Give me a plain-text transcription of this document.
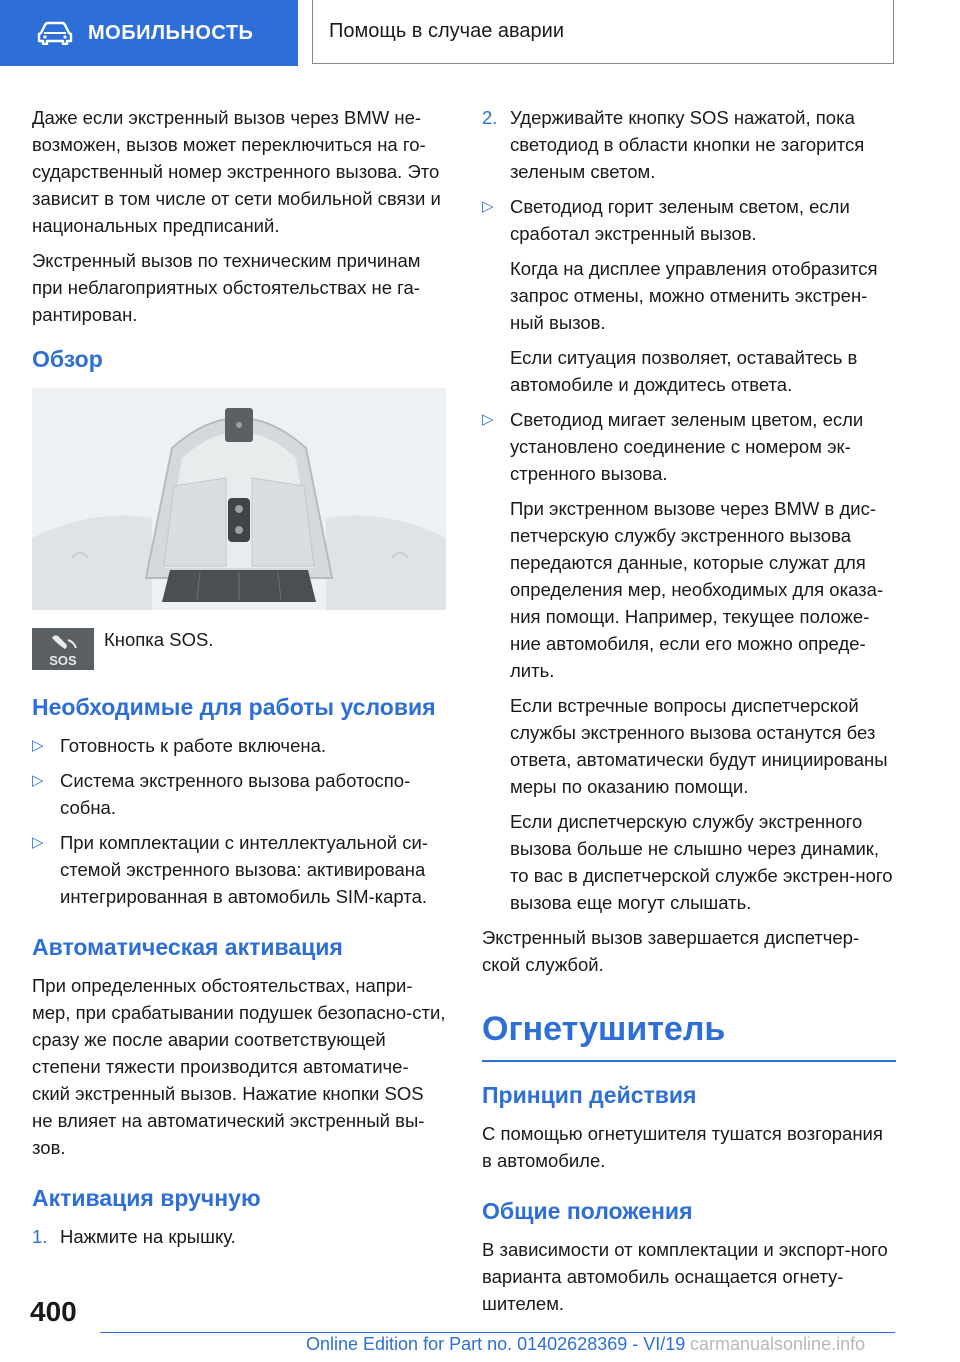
МОБИЛЬНОСТЬ	Помощь в случае аварии

Даже если экстренный вызов через BMW не-возможен, вызов может переключиться на го-сударственный номер экстренного вызова. Это зависит в том числе от сети мобильной связи и национальных предписаний.

Экстренный вызов по техническим причинам при неблагоприятных обстоятельствах не га-рантирован.

Обзор
SOS
Кнопка SOS.
Необходимые для работы условия
▷ Готовность к работе включена.
▷ Система экстренного вызова работоспо-собна.
▷ При комплектации с интеллектуальной си-стемой экстренного вызова: активирована интегрированная в автомобиль SIM-карта.
Автоматическая активация

При определенных обстоятельствах, напри-мер, при срабатывании подушек безопасно-сти, сразу же после аварии соответствующей степени тяжести производится автоматиче-ский экстренный вызов. Нажатие кнопки SOS не влияет на автоматический экстренный вы-зов.

Активация вручную
1. Нажмите на крышку.
2. Удерживайте кнопку SOS нажатой, пока светодиод в области кнопки не загорится зеленым светом.
▷ Светодиод горит зеленым светом, если сработал экстренный вызов.
Когда на дисплее управления отобразится запрос отмены, можно отменить экстрен-ный вызов.
Если ситуация позволяет, оставайтесь в автомобиле и дождитесь ответа.
▷ Светодиод мигает зеленым цветом, если установлено соединение с номером эк-стренного вызова.
При экстренном вызове через BMW в дис-петчерскую службу экстренного вызова передаются данные, которые служат для определения мер, необходимых для оказа-ния помощи. Например, текущее положе-ние автомобиля, если его можно опреде-лить.
Если встречные вопросы диспетчерской службы экстренного вызова останутся без ответа, автоматически будут инициированы меры по оказанию помощи.
Если диспетчерскую службу экстренного вызова больше не слышно через динамик, то вас в диспетчерской службе экстрен-ного вызова еще могут слышать.

Экстренный вызов завершается диспетчер-ской службой.

Огнетушитель
Принцип действия

С помощью огнетушителя тушатся возгорания в автомобиле.

Общие положения

В зависимости от комплектации и экспорт-ного варианта автомобиль оснащается огнету-шителем.

400
Online Edition for Part no. 01402628369 - VI/19 carmanualsonline.info
